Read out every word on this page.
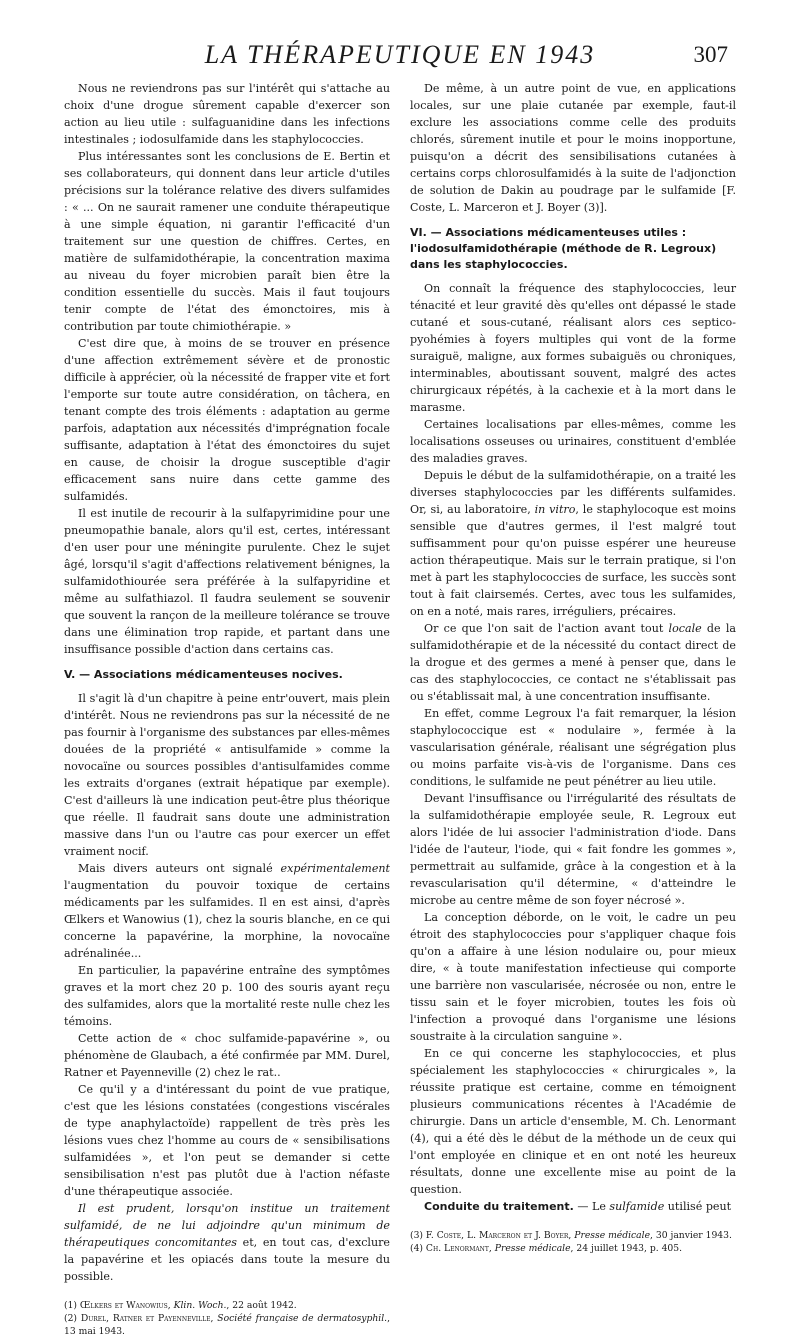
LA THÉRAPEUTIQUE EN 1943	307

Nous ne reviendrons pas sur l'intérêt qui s'attache au choix d'une drogue sûrement capable d'exercer son action au lieu utile : sulfaguanidine dans les infections intestinales ; iodosulfamide dans les staphylococcies.

Plus intéressantes sont les conclusions de E. Bertin et ses collaborateurs, qui donnent dans leur article d'utiles précisions sur la tolérance relative des divers sulfamides : « ... On ne saurait ramener une conduite thérapeutique à une simple équation, ni garantir l'efficacité d'un traitement sur une question de chiffres. Certes, en matière de sulfamidothérapie, la concentration maxima au niveau du foyer microbien paraît bien être la condition essentielle du succès. Mais il faut toujours tenir compte de l'état des émonctoires, mis à contribution par toute chimiothérapie. »

C'est dire que, à moins de se trouver en présence d'une affection extrêmement sévère et de pronostic difficile à apprécier, où la nécessité de frapper vite et fort l'emporte sur toute autre considération, on tâchera, en tenant compte des trois éléments : adaptation au germe parfois, adaptation aux nécessités d'imprégnation focale suffisante, adaptation à l'état des émonctoires du sujet en cause, de choisir la drogue susceptible d'agir efficacement sans nuire dans cette gamme des sulfamidés.

Il est inutile de recourir à la sulfapyrimidine pour une pneumopathie banale, alors qu'il est, certes, intéressant d'en user pour une méningite purulente. Chez le sujet âgé, lorsqu'il s'agit d'affections relativement bénignes, la sulfamidothiourée sera préférée à la sulfapyridine et même au sulfathiazol. Il faudra seulement se souvenir que souvent la rançon de la meilleure tolérance se trouve dans une élimination trop rapide, et partant dans une insuffisance possible d'action dans certains cas.

V. — Associations médicamenteuses nocives.

Il s'agit là d'un chapitre à peine entr'ouvert, mais plein d'intérêt. Nous ne reviendrons pas sur la nécessité de ne pas fournir à l'organisme des substances par elles-mêmes douées de la propriété « antisulfamide » comme la novocaïne ou sources possibles d'antisulfamides comme les extraits d'organes (extrait hépatique par exemple). C'est d'ailleurs là une indication peut-être plus théorique que réelle. Il faudrait sans doute une administration massive dans l'un ou l'autre cas pour exercer un effet vraiment nocif.

Mais divers auteurs ont signalé expérimentalement l'augmentation du pouvoir toxique de certains médicaments par les sulfamides. Il en est ainsi, d'après Œlkers et Wanowius (1), chez la souris blanche, en ce qui concerne la papavérine, la morphine, la novocaïne adrénalinée...

En particulier, la papavérine entraîne des symptômes graves et la mort chez 20 p. 100 des souris ayant reçu des sulfamides, alors que la mortalité reste nulle chez les témoins.

Cette action de « choc sulfamide-papavérine », ou phénomène de Glaubach, a été confirmée par MM. Durel, Ratner et Payenneville (2) chez le rat..

Ce qu'il y a d'intéressant du point de vue pratique, c'est que les lésions constatées (congestions viscérales de type anaphylactoïde) rappellent de très près les lésions vues chez l'homme au cours de « sensibilisations sulfamidées », et l'on peut se demander si cette sensibilisation n'est pas plutôt due à l'action néfaste d'une thérapeutique associée.

Il est prudent, lorsqu'on institue un traitement sulfamidé, de ne lui adjoindre qu'un minimum de thérapeutiques concomitantes et, en tout cas, d'exclure la papavérine et les opiacés dans toute la mesure du possible.

(1) Œlkers et Wanowius, Klin. Woch., 22 août 1942.

(2) Durel, Ratner et Payenneville, Société française de dermatosyphil., 13 mai 1943.

De même, à un autre point de vue, en applications locales, sur une plaie cutanée par exemple, faut-il exclure les associations comme celle des produits chlorés, sûrement inutile et pour le moins inopportune, puisqu'on a décrit des sensibilisations cutanées à certains corps chlorosulfamidés à la suite de l'adjonction de solution de Dakin au poudrage par le sulfamide [F. Coste, L. Marceron et J. Boyer (3)].

VI. — Associations médicamenteuses utiles : l'iodosulfamidothérapie (méthode de R. Legroux) dans les staphylococcies.

On connaît la fréquence des staphylococcies, leur ténacité et leur gravité dès qu'elles ont dépassé le stade cutané et sous-cutané, réalisant alors ces septico-pyohémies à foyers multiples qui vont de la forme suraiguë, maligne, aux formes subaiguës ou chroniques, interminables, aboutissant souvent, malgré des actes chirurgicaux répétés, à la cachexie et à la mort dans le marasme.

Certaines localisations par elles-mêmes, comme les localisations osseuses ou urinaires, constituent d'emblée des maladies graves.

Depuis le début de la sulfamidothérapie, on a traité les diverses staphylococcies par les différents sulfamides. Or, si, au laboratoire, in vitro, le staphylocoque est moins sensible que d'autres germes, il l'est malgré tout suffisamment pour qu'on puisse espérer une heureuse action thérapeutique. Mais sur le terrain pratique, si l'on met à part les staphylococcies de surface, les succès sont tout à fait clairsemés. Certes, avec tous les sulfamides, on en a noté, mais rares, irréguliers, précaires.

Or ce que l'on sait de l'action avant tout locale de la sulfamidothérapie et de la nécessité du contact direct de la drogue et des germes a mené à penser que, dans le cas des staphylococcies, ce contact ne s'établissait pas ou s'établissait mal, à une concentration insuffisante.

En effet, comme Legroux l'a fait remarquer, la lésion staphylococcique est « nodulaire », fermée à la vascularisation générale, réalisant une ségrégation plus ou moins parfaite vis-à-vis de l'organisme. Dans ces conditions, le sulfamide ne peut pénétrer au lieu utile.

Devant l'insuffisance ou l'irrégularité des résultats de la sulfamidothérapie employée seule, R. Legroux eut alors l'idée de lui associer l'administration d'iode. Dans l'idée de l'auteur, l'iode, qui « fait fondre les gommes », permettrait au sulfamide, grâce à la congestion et à la revascularisation qu'il détermine, « d'atteindre le microbe au centre même de son foyer nécrosé ».

La conception déborde, on le voit, le cadre un peu étroit des staphylococcies pour s'appliquer chaque fois qu'on a affaire à une lésion nodulaire ou, pour mieux dire, « à toute manifestation infectieuse qui comporte une barrière non vascularisée, nécrosée ou non, entre le tissu sain et le foyer microbien, toutes les fois où l'infection a provoqué dans l'organisme une lésions soustraite à la circulation sanguine ».

En ce qui concerne les staphylococcies, et plus spécialement les staphylococcies « chirurgicales », la réussite pratique est certaine, comme en témoignent plusieurs communications récentes à l'Académie de chirurgie. Dans un article d'ensemble, M. Ch. Lenormant (4), qui a été dès le début de la méthode un de ceux qui l'ont employée en clinique et en ont noté les heureux résultats, donne une excellente mise au point de la question.

Conduite du traitement. — Le sulfamide utilisé peut

(3) F. Coste, L. Marceron et J. Boyer, Presse médicale, 30 janvier 1943.

(4) Ch. Lenormant, Presse médicale, 24 juillet 1943, p. 405.
